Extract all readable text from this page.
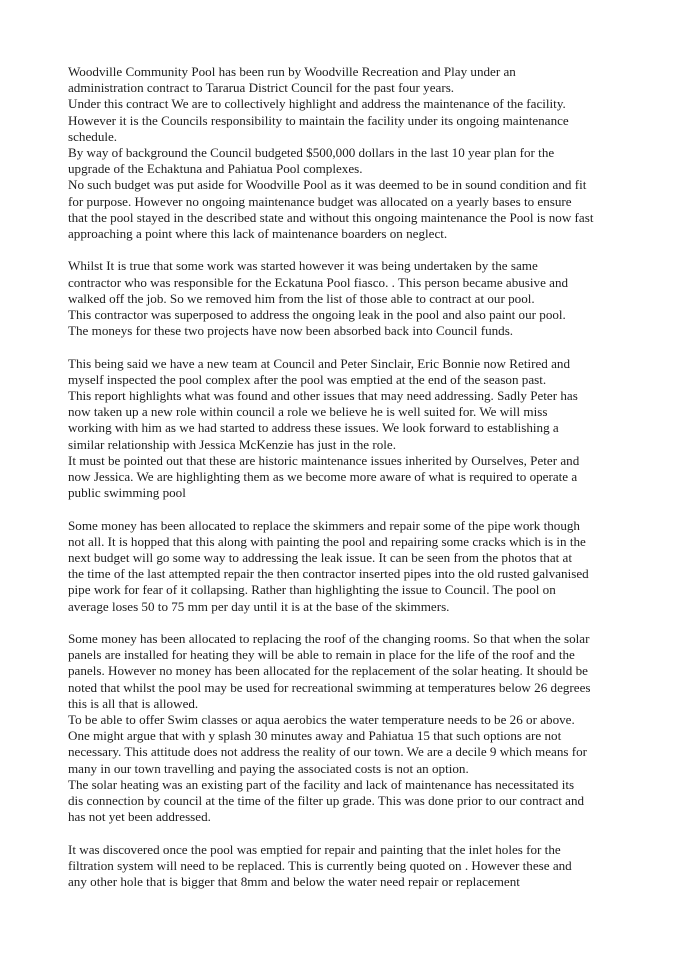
Woodville Community Pool has been run by Woodville Recreation and Play under an
administration contract to Tararua District Council for the past four years.
Under this contract We are to collectively highlight and address the maintenance of the facility.
However it is the Councils responsibility to maintain the facility under its ongoing maintenance
schedule.
By way of background the Council budgeted $500,000 dollars in the last 10 year plan for the
upgrade of the Echaktuna and Pahiatua Pool complexes.
No such budget was put aside for Woodville Pool as it was deemed to be in sound condition and fit
for purpose. However no ongoing maintenance budget was allocated on a yearly bases to ensure
that the pool stayed in the described state and without this ongoing maintenance the Pool is now fast
approaching a point where this lack of maintenance boarders on neglect.
Whilst It is true that some work was started however it was being undertaken by the same
contractor who was responsible for the Eckatuna Pool fiasco. . This person became abusive and
walked off the job. So we removed him from the list of those able to contract at our pool.
This contractor was superposed to address the ongoing leak in the pool and also paint our pool.
The moneys for these two projects have now been absorbed back into Council funds.
This being said we have a new team at Council and Peter Sinclair, Eric Bonnie now Retired and
myself inspected the pool complex after the pool was emptied at the end of the season past.
This report highlights what was found and other issues that may need addressing. Sadly Peter has
now taken up a new role within council a role we believe he is well suited for. We will miss
working with him as we had started to address these issues. We look forward to establishing a
similar relationship with Jessica McKenzie has just in the role.
It must be pointed out that these are historic maintenance issues inherited by Ourselves, Peter and
now Jessica. We are highlighting them as we become more aware of what is required to operate a
public swimming pool
Some money has been allocated to replace the skimmers and repair some of the pipe work though
not all. It is hopped that this along with painting the pool and repairing some cracks which is in the
next budget will go some way to addressing the leak issue. It can be seen from the photos that at
the time of the last attempted repair the then contractor inserted pipes into the old rusted galvanised
pipe work for fear of it collapsing. Rather than highlighting the issue to Council. The pool on
average loses 50 to 75 mm per day until it is at the base of the skimmers.
Some money has been allocated to replacing the roof of the changing rooms. So that when the solar
panels are installed for heating they will be able to remain in place for the life of the roof and the
panels. However no money has been allocated for the replacement of the solar heating. It should be
noted that whilst the pool may be used for recreational swimming at temperatures below 26 degrees
this is all that is allowed.
To be able to offer Swim classes or aqua aerobics the water temperature needs to be 26 or above.
One might argue that with y splash 30 minutes away and Pahiatua 15 that such options are not
necessary. This attitude does not address the reality of our town. We are a decile 9 which means for
many in our town travelling and paying the associated costs is not an option.
The solar heating was an existing part of the facility and lack of maintenance has necessitated its
dis connection by council at the time of the filter up grade. This was done prior to our contract and
has not yet been addressed.
It was discovered once the pool was emptied for repair and painting that the inlet holes for the
filtration system will need to be replaced. This is currently being quoted on . However these and
any other hole that is bigger that 8mm and below the water need repair or replacement
